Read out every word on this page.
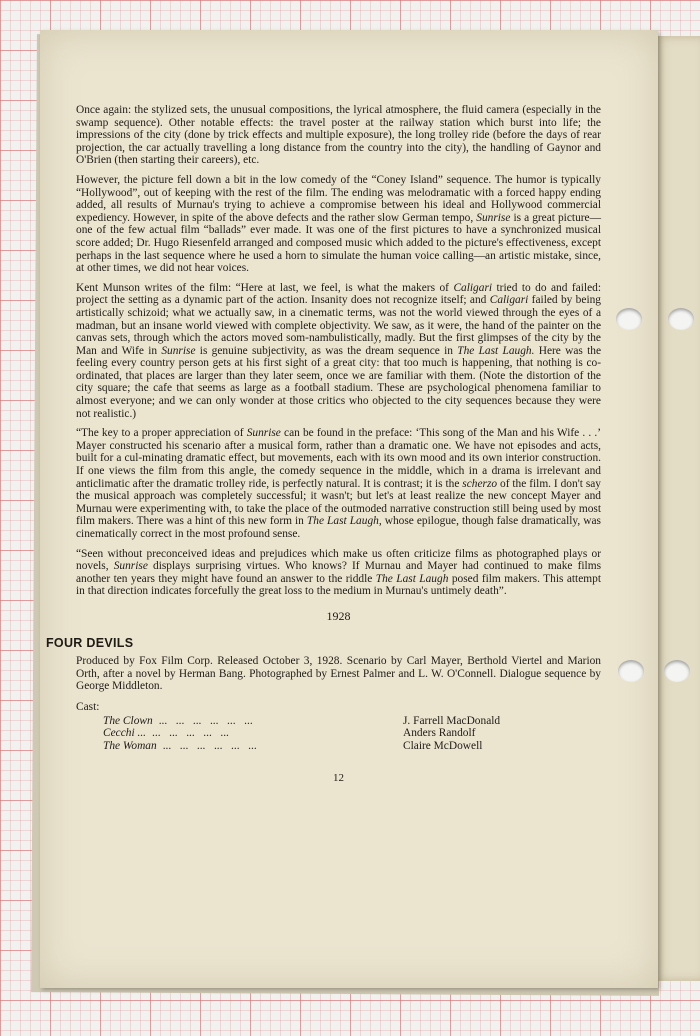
Once again: the stylized sets, the unusual compositions, the lyrical atmosphere, the fluid camera (especially in the swamp sequence). Other notable effects: the travel poster at the railway station which burst into life; the impressions of the city (done by trick effects and multiple exposure), the long trolley ride (before the days of rear projection, the car actually travelling a long distance from the country into the city), the handling of Gaynor and O'Brien (then starting their careers), etc.

However, the picture fell down a bit in the low comedy of the “Coney Island” sequence. The humor is typically “Hollywood”, out of keeping with the rest of the film. The ending was melodramatic with a forced happy ending added, all results of Murnau's trying to achieve a compromise between his ideal and Hollywood commercial expediency. However, in spite of the above defects and the rather slow German tempo, Sunrise is a great picture—one of the few actual film “ballads” ever made. It was one of the first pictures to have a synchronized musical score added; Dr. Hugo Riesenfeld arranged and composed music which added to the picture's effectiveness, except perhaps in the last sequence where he used a horn to simulate the human voice calling—an artistic mistake, since, at other times, we did not hear voices.

Kent Munson writes of the film: “Here at last, we feel, is what the makers of Caligari tried to do and failed: project the setting as a dynamic part of the action. Insanity does not recognize itself; and Caligari failed by being artistically schizoid; what we actually saw, in a cinematic terms, was not the world viewed through the eyes of a madman, but an insane world viewed with complete objectivity. We saw, as it were, the hand of the painter on the canvas sets, through which the actors moved som-nambulistically, madly. But the first glimpses of the city by the Man and Wife in Sunrise is genuine subjectivity, as was the dream sequence in The Last Laugh. Here was the feeling every country person gets at his first sight of a great city: that too much is happening, that nothing is co-ordinated, that places are larger than they later seem, once we are familiar with them. (Note the distortion of the city square; the cafe that seems as large as a football stadium. These are psychological phenomena familiar to almost everyone; and we can only wonder at those critics who objected to the city sequences because they were not realistic.)

“The key to a proper appreciation of Sunrise can be found in the preface: ‘This song of the Man and his Wife . . .’ Mayer constructed his scenario after a musical form, rather than a dramatic one. We have not episodes and acts, built for a cul-minating dramatic effect, but movements, each with its own mood and its own interior construction. If one views the film from this angle, the comedy sequence in the middle, which in a drama is irrelevant and anticlimatic after the dramatic trolley ride, is perfectly natural. It is contrast; it is the scherzo of the film. I don't say the musical approach was completely successful; it wasn't; but let's at least realize the new concept Mayer and Murnau were experimenting with, to take the place of the outmoded narrative construction still being used by most film makers. There was a hint of this new form in The Last Laugh, whose epilogue, though false dramatically, was cinematically correct in the most profound sense.

“Seen without preconceived ideas and prejudices which make us often criticize films as photographed plays or novels, Sunrise displays surprising virtues. Who knows? If Murnau and Mayer had continued to make films another ten years they might have found an answer to the riddle The Last Laugh posed film makers. This attempt in that direction indicates forcefully the great loss to the medium in Murnau's untimely death”.

1928
FOUR DEVILS
Produced by Fox Film Corp. Released October 3, 1928. Scenario by Carl Mayer, Berthold Viertel and Marion Orth, after a novel by Herman Bang. Photographed by Ernest Palmer and L. W. O'Connell. Dialogue sequence by George Middleton.
Cast:
The Clown ...   ...   ...   ...   ...   ...	J. Farrell MacDonald
Cecchi ... ...   ...   ...   ...   ...	Anders Randolf
The Woman ...   ...   ...   ...   ...   ...	Claire McDowell
12
